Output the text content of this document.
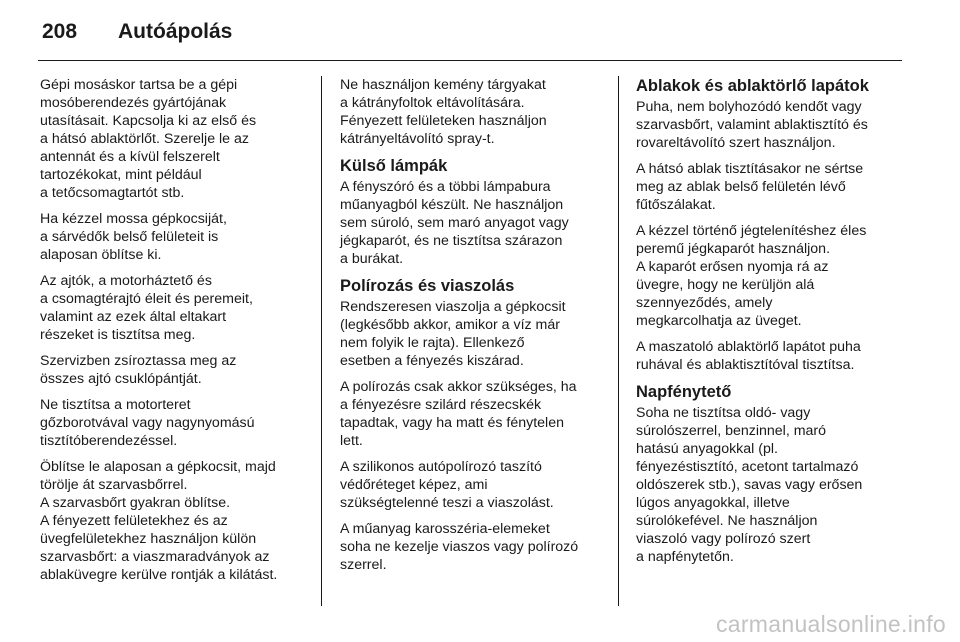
208	Autóápolás

Gépi mosáskor tartsa be a gépi
mosóberendezés gyártójának
utasításait. Kapcsolja ki az első és
a hátsó ablaktörlőt. Szerelje le az
antennát és a kívül felszerelt
tartozékokat, mint például
a tetőcsomagtartót stb.

Ha kézzel mossa gépkocsiját,
a sárvédők belső felületeit is
alaposan öblítse ki.

Az ajtók, a motorháztető és
a csomagtérajtó éleit és peremeit,
valamint az ezek által eltakart
részeket is tisztítsa meg.

Szervizben zsíroztassa meg az
összes ajtó csuklópántját.

Ne tisztítsa a motorteret
gőzborotvával vagy nagynyomású
tisztítóberendezéssel.

Öblítse le alaposan a gépkocsit, majd
törölje át szarvasbőrrel.
A szarvasbőrt gyakran öblítse.
A fényezett felületekhez és az
üvegfelületekhez használjon külön
szarvasbőrt: a viaszmaradványok az
ablaküvegre kerülve rontják a kilátást.

Ne használjon kemény tárgyakat
a kátrányfoltok eltávolítására.
Fényezett felületeken használjon
kátrányeltávolító spray-t.

Külső lámpák

A fényszóró és a többi lámpabura
műanyagból készült. Ne használjon
sem súroló, sem maró anyagot vagy
jégkaparót, és ne tisztítsa szárazon
a burákat.

Polírozás és viaszolás

Rendszeresen viaszolja a gépkocsit
(legkésőbb akkor, amikor a víz már
nem folyik le rajta). Ellenkező
esetben a fényezés kiszárad.

A polírozás csak akkor szükséges, ha
a fényezésre szilárd részecskék
tapadtak, vagy ha matt és fénytelen
lett.

A szilikonos autópolírozó taszító
védőréteget képez, ami
szükségtelenné teszi a viaszolást.

A műanyag karosszéria-elemeket
soha ne kezelje viaszos vagy polírozó
szerrel.

Ablakok és ablaktörlő lapátok

Puha, nem bolyhozódó kendőt vagy
szarvasbőrt, valamint ablaktisztító és
rovareltávolító szert használjon.

A hátsó ablak tisztításakor ne sértse
meg az ablak belső felületén lévő
fűtőszálakat.

A kézzel történő jégtelenítéshez éles
peremű jégkaparót használjon.
A kaparót erősen nyomja rá az
üvegre, hogy ne kerüljön alá
szennyeződés, amely
megkarcolhatja az üveget.

A maszatoló ablaktörlő lapátot puha
ruhával és ablaktisztítóval tisztítsa.

Napfénytető

Soha ne tisztítsa oldó- vagy
súrolószerrel, benzinnel, maró
hatású anyagokkal (pl.
fényezéstisztító, acetont tartalmazó
oldószerek stb.), savas vagy erősen
lúgos anyagokkal, illetve
súrolókefével. Ne használjon
viaszoló vagy polírozó szert
a napfénytetőn.

carmanualsonline.info
